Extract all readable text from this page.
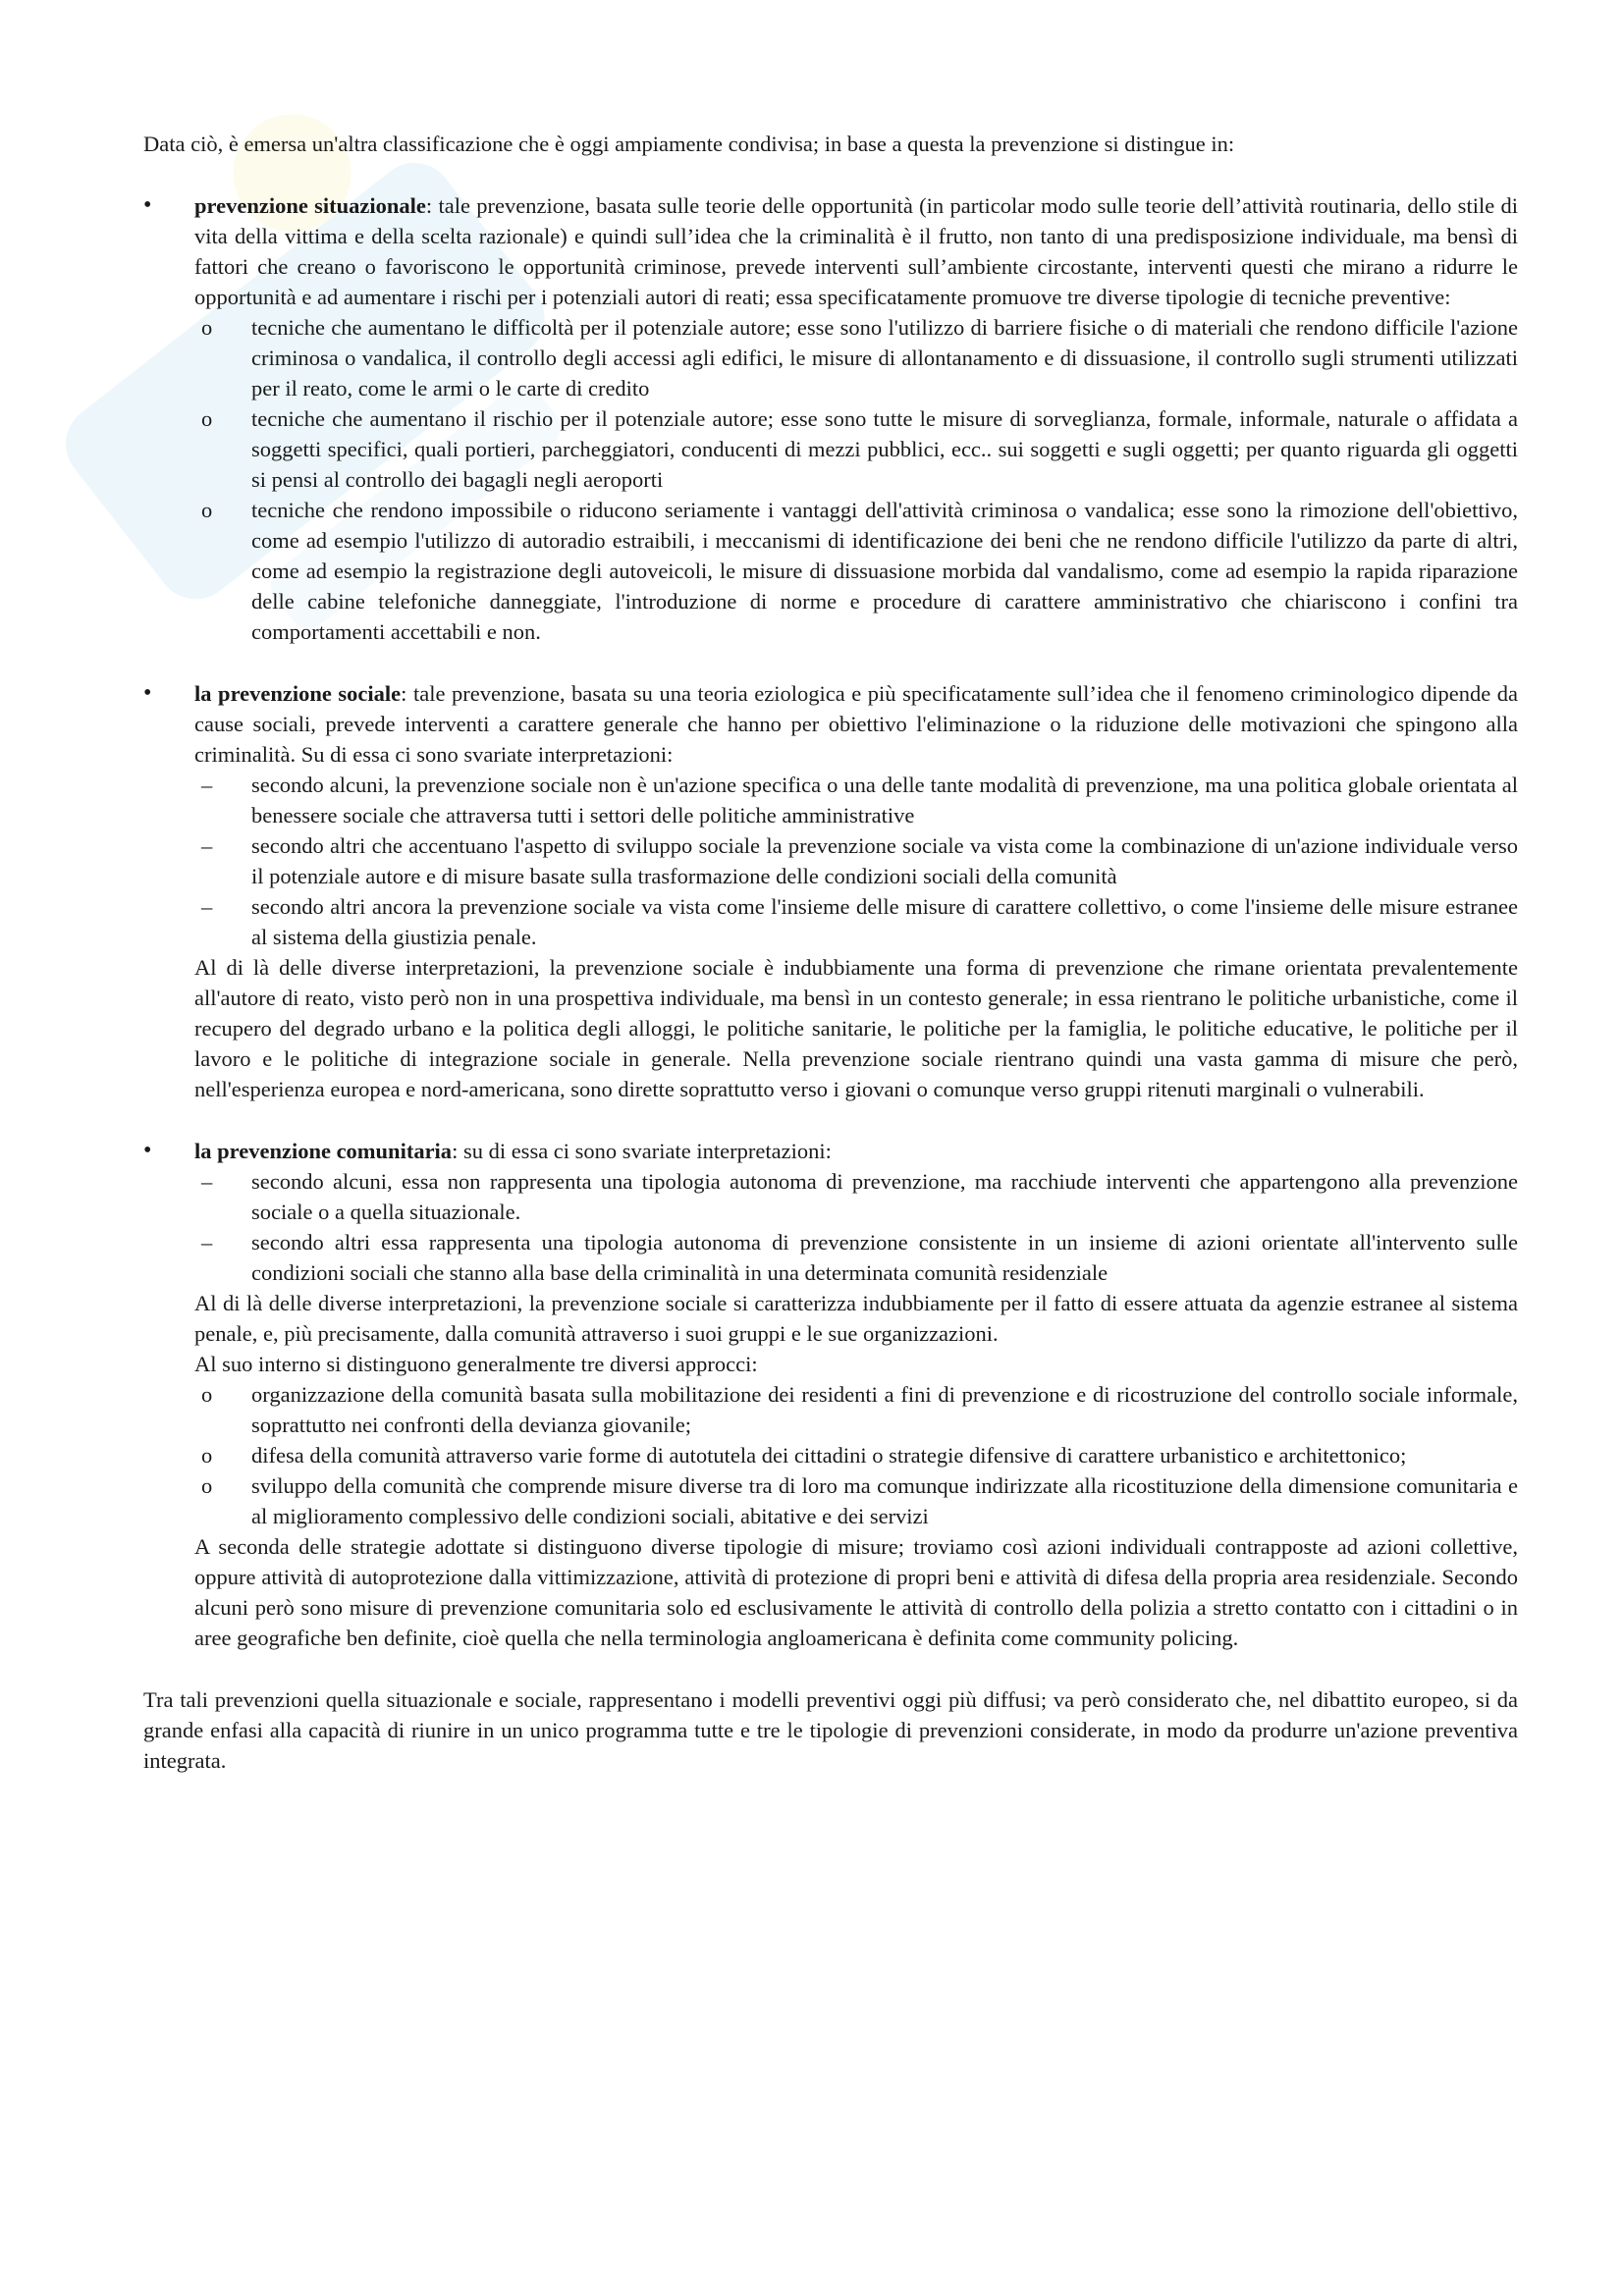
Data ciò, è emersa un'altra classificazione che è oggi ampiamente condivisa; in base a questa la prevenzione si distingue in:

• prevenzione situazionale: tale prevenzione, basata sulle teorie delle opportunità (in particolar modo sulle teorie dell’attività routinaria, dello stile di vita della vittima e della scelta razionale) e quindi sull’idea che la criminalità è il frutto, non tanto di una predisposizione individuale, ma bensì di fattori che creano o favoriscono le opportunità criminose, prevede interventi sull’ambiente circostante, interventi questi che mirano a ridurre le opportunità e ad aumentare i rischi per i potenziali autori di reati; essa specificatamente promuove tre diverse tipologie di tecniche preventive:

o tecniche che aumentano le difficoltà per il potenziale autore; esse sono l'utilizzo di barriere fisiche o di materiali che rendono difficile l'azione criminosa o vandalica, il controllo degli accessi agli edifici, le misure di allontanamento e di dissuasione, il controllo sugli strumenti utilizzati per il reato, come le armi o le carte di credito
o tecniche che aumentano il rischio per il potenziale autore; esse sono tutte le misure di sorveglianza, formale, informale, naturale o affidata a soggetti specifici, quali portieri, parcheggiatori, conducenti di mezzi pubblici, ecc.. sui soggetti e sugli oggetti; per quanto riguarda gli oggetti si pensi al controllo dei bagagli negli aeroporti
o tecniche che rendono impossibile o riducono seriamente i vantaggi dell'attività criminosa o vandalica; esse sono la rimozione dell'obiettivo, come ad esempio l'utilizzo di autoradio estraibili, i meccanismi di identificazione dei beni che ne rendono difficile l'utilizzo da parte di altri, come ad esempio la registrazione degli autoveicoli, le misure di dissuasione morbida dal vandalismo, come ad esempio la rapida riparazione delle cabine telefoniche danneggiate, l'introduzione di norme e procedure di carattere amministrativo che chiariscono i confini tra comportamenti accettabili e non.
• la prevenzione sociale: tale prevenzione, basata su una teoria eziologica e più specificatamente sull’idea che il fenomeno criminologico dipende da cause sociali, prevede interventi a carattere generale che hanno per obiettivo l'eliminazione o la riduzione delle motivazioni che spingono alla criminalità. Su di essa ci sono svariate interpretazioni:

– secondo alcuni, la prevenzione sociale non è un'azione specifica o una delle tante modalità di prevenzione, ma una politica globale orientata al benessere sociale che attraversa tutti i settori delle politiche amministrative
– secondo altri che accentuano l'aspetto di sviluppo sociale la prevenzione sociale va vista come la combinazione di un'azione individuale verso il potenziale autore e di misure basate sulla trasformazione delle condizioni sociali della comunità
– secondo altri ancora la prevenzione sociale va vista come l'insieme delle misure di carattere collettivo, o come l'insieme delle misure estranee al sistema della giustizia penale.

Al di là delle diverse interpretazioni, la prevenzione sociale è indubbiamente una forma di prevenzione che rimane orientata prevalentemente all'autore di reato, visto però non in una prospettiva individuale, ma bensì in un contesto generale; in essa rientrano le politiche urbanistiche, come il recupero del degrado urbano e la politica degli alloggi, le politiche sanitarie, le politiche per la famiglia, le politiche educative, le politiche per il lavoro e le politiche di integrazione sociale in generale. Nella prevenzione sociale rientrano quindi una vasta gamma di misure che però, nell'esperienza europea e nord-americana, sono dirette soprattutto verso i giovani o comunque verso gruppi ritenuti marginali o vulnerabili.

• la prevenzione comunitaria: su di essa ci sono svariate interpretazioni:

– secondo alcuni, essa non rappresenta una tipologia autonoma di prevenzione, ma racchiude interventi che appartengono alla prevenzione sociale o a quella situazionale.
– secondo altri essa rappresenta una tipologia autonoma di prevenzione consistente in un insieme di azioni orientate all'intervento sulle condizioni sociali che stanno alla base della criminalità in una determinata comunità residenziale

Al di là delle diverse interpretazioni, la prevenzione sociale si caratterizza indubbiamente per il fatto di essere attuata da agenzie estranee al sistema penale, e, più precisamente, dalla comunità attraverso i suoi gruppi e le sue organizzazioni.

Al suo interno si distinguono generalmente tre diversi approcci:

o organizzazione della comunità basata sulla mobilitazione dei residenti a fini di prevenzione e di ricostruzione del controllo sociale informale, soprattutto nei confronti della devianza giovanile;
o difesa della comunità attraverso varie forme di autotutela dei cittadini o strategie difensive di carattere urbanistico e architettonico;
o sviluppo della comunità che comprende misure diverse tra di loro ma comunque indirizzate alla ricostituzione della dimensione comunitaria e al miglioramento complessivo delle condizioni sociali, abitative e dei servizi

A seconda delle strategie adottate si distinguono diverse tipologie di misure; troviamo così azioni individuali contrapposte ad azioni collettive, oppure attività di autoprotezione dalla vittimizzazione, attività di protezione di propri beni e attività di difesa della propria area residenziale. Secondo alcuni però sono misure di prevenzione comunitaria solo ed esclusivamente le attività di controllo della polizia a stretto contatto con i cittadini o in aree geografiche ben definite, cioè quella che nella terminologia angloamericana è definita come community policing.

Tra tali prevenzioni quella situazionale e sociale, rappresentano i modelli preventivi oggi più diffusi; va però considerato che, nel dibattito europeo, si da grande enfasi alla capacità di riunire in un unico programma tutte e tre le tipologie di prevenzioni considerate, in modo da produrre un'azione preventiva integrata.
